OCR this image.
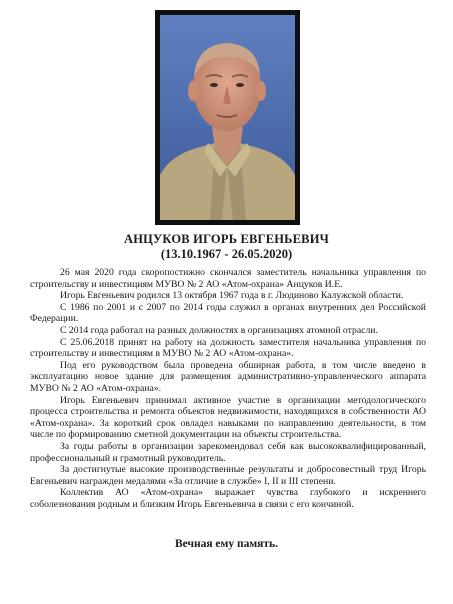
АНЦУКОВ ИГОРЬ ЕВГЕНЬЕВИЧ
(13.10.1967 - 26.05.2020)

26 мая 2020 года скоропостижно скончался заместитель начальника управления по строительству и инвестициям МУВО № 2 АО «Атом-охрана» Анцуков И.Е.

Игорь Евгеньевич родился 13 октября 1967 года в г. Людиново Калужской области.

С 1986 по 2001 и с 2007 по 2014 годы служил в органах внутренних дел Российской Федерации.

С 2014 года работал на разных должностях в организациях атомной отрасли.

С 25.06.2018 принят на работу на должность заместителя начальника управления по строительству и инвестициям в МУВО № 2 АО «Атом-охрана».

Под его руководством была проведена обширная работа, в том числе введено в эксплуатацию новое здание для размещения административно-управленческого аппарата МУВО № 2 АО «Атом-охрана».

Игорь Евгеньевич принимал активное участие в организации методологического процесса строительства и ремонта объектов недвижимости, находящихся в собственности АО «Атом-охрана». За короткий срок овладел навыками по направлению деятельности, в том числе по формированию сметной документации на объекты строительства.

За годы работы в организации зарекомендовал себя как высококвалифицированный, профессиональный и грамотный руководитель.

За достигнутые высокие производственные результаты и добросовестный труд Игорь Евгеньевич награжден медалями «За отличие в службе» I, II и III степени.

Коллектив АО «Атом-охрана» выражает чувства глубокого и искреннего соболезнования родным и близким Игорь Евгеньевича в связи с его кончиной.

Вечная ему память.
